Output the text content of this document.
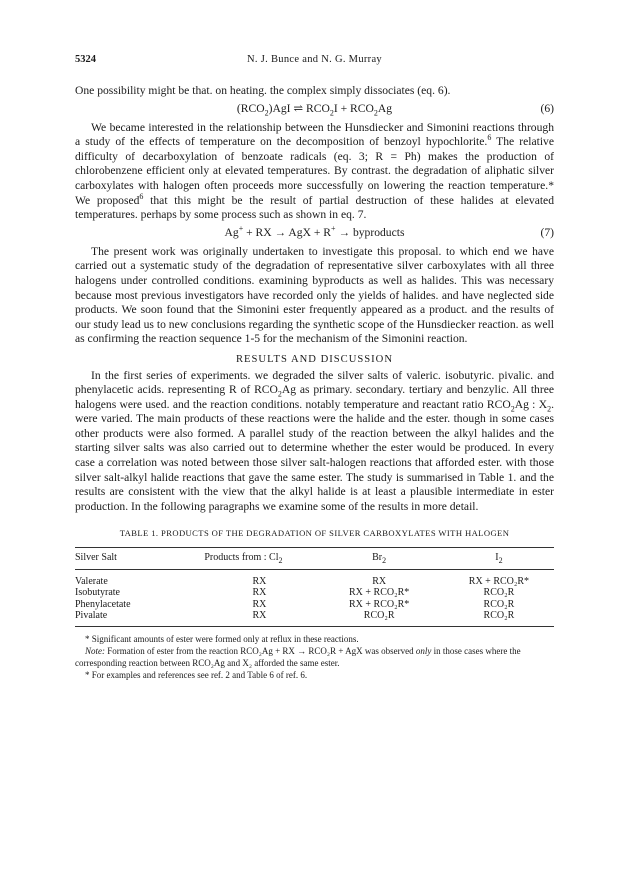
5324	N. J. Bunce and N. G. Murray

One possibility might be that. on heating. the complex simply dissociates (eq. 6).

$(RCO_2)AgI$ ⇌ $RCO_2I + RCO_2Ag$	(6)

We became interested in the relationship between the Hunsdiecker and Simonini reactions through a study of the effects of temperature on the decomposition of benzoyl hypochlorite.$^6$ The relative difficulty of decarboxylation of benzoate radicals (eq. 3; R = Ph) makes the production of chlorobenzene efficient only at elevated temperatures. By contrast. the degradation of aliphatic silver carboxylates with halogen often proceeds more successfully on lowering the reaction temperature.* We proposed$^6$ that this might be the result of partial destruction of these halides at elevated temperatures. perhaps by some process such as shown in eq. 7.

Ag+ + RX → AgX + R+ → byproducts	(7)

The present work was originally undertaken to investigate this proposal. to which end we have carried out a systematic study of the degradation of representative silver carboxylates with all three halogens under controlled conditions. examining byproducts as well as halides. This was necessary because most previous investigators have recorded only the yields of halides. and have neglected side products. We soon found that the Simonini ester frequently appeared as a product. and the results of our study lead us to new conclusions regarding the synthetic scope of the Hunsdiecker reaction. as well as confirming the reaction sequence 1-5 for the mechanism of the Simonini reaction.

RESULTS AND DISCUSSION

In the first series of experiments. we degraded the silver salts of valeric. isobutyric. pivalic. and phenylacetic acids. representing R of $RCO_2Ag$ as primary. secondary. tertiary and benzylic. All three halogens were used. and the reaction conditions. notably temperature and reactant ratio $RCO_2Ag$ : $X_2$. were varied. The main products of these reactions were the halide and the ester. though in some cases other products were also formed. A parallel study of the reaction between the alkyl halides and the starting silver salts was also carried out to determine whether the ester would be produced. In every case a correlation was noted between those silver salt-halogen reactions that afforded ester. with those silver salt-alkyl halide reactions that gave the same ester. The study is summarised in Table 1. and the results are consistent with the view that the alkyl halide is at least a plausible intermediate in ester production. In the following paragraphs we examine some of the results in more detail.

TABLE 1. PRODUCTS OF THE DEGRADATION OF SILVER CARBOXYLATES WITH HALOGEN
Silver Salt	Products from : $Cl_2$	$Br_2$	$I_2$
Valerate	RX	RX	RX + RCO₂R*
Isobutyrate	RX	RX + RCO₂R*	RCO₂R
Phenylacetate	RX	RX + RCO₂R*	RCO₂R
Pivalate	RX	RCO₂R	RCO₂R
* Significant amounts of ester were formed only at reflux in these reactions.
Note: Formation of ester from the reaction RCO₂Ag + RX → RCO₂R + AgX was observed only in those cases where the corresponding reaction between RCO₂Ag and X₂ afforded the same ester.
* For examples and references see ref. 2 and Table 6 of ref. 6.
